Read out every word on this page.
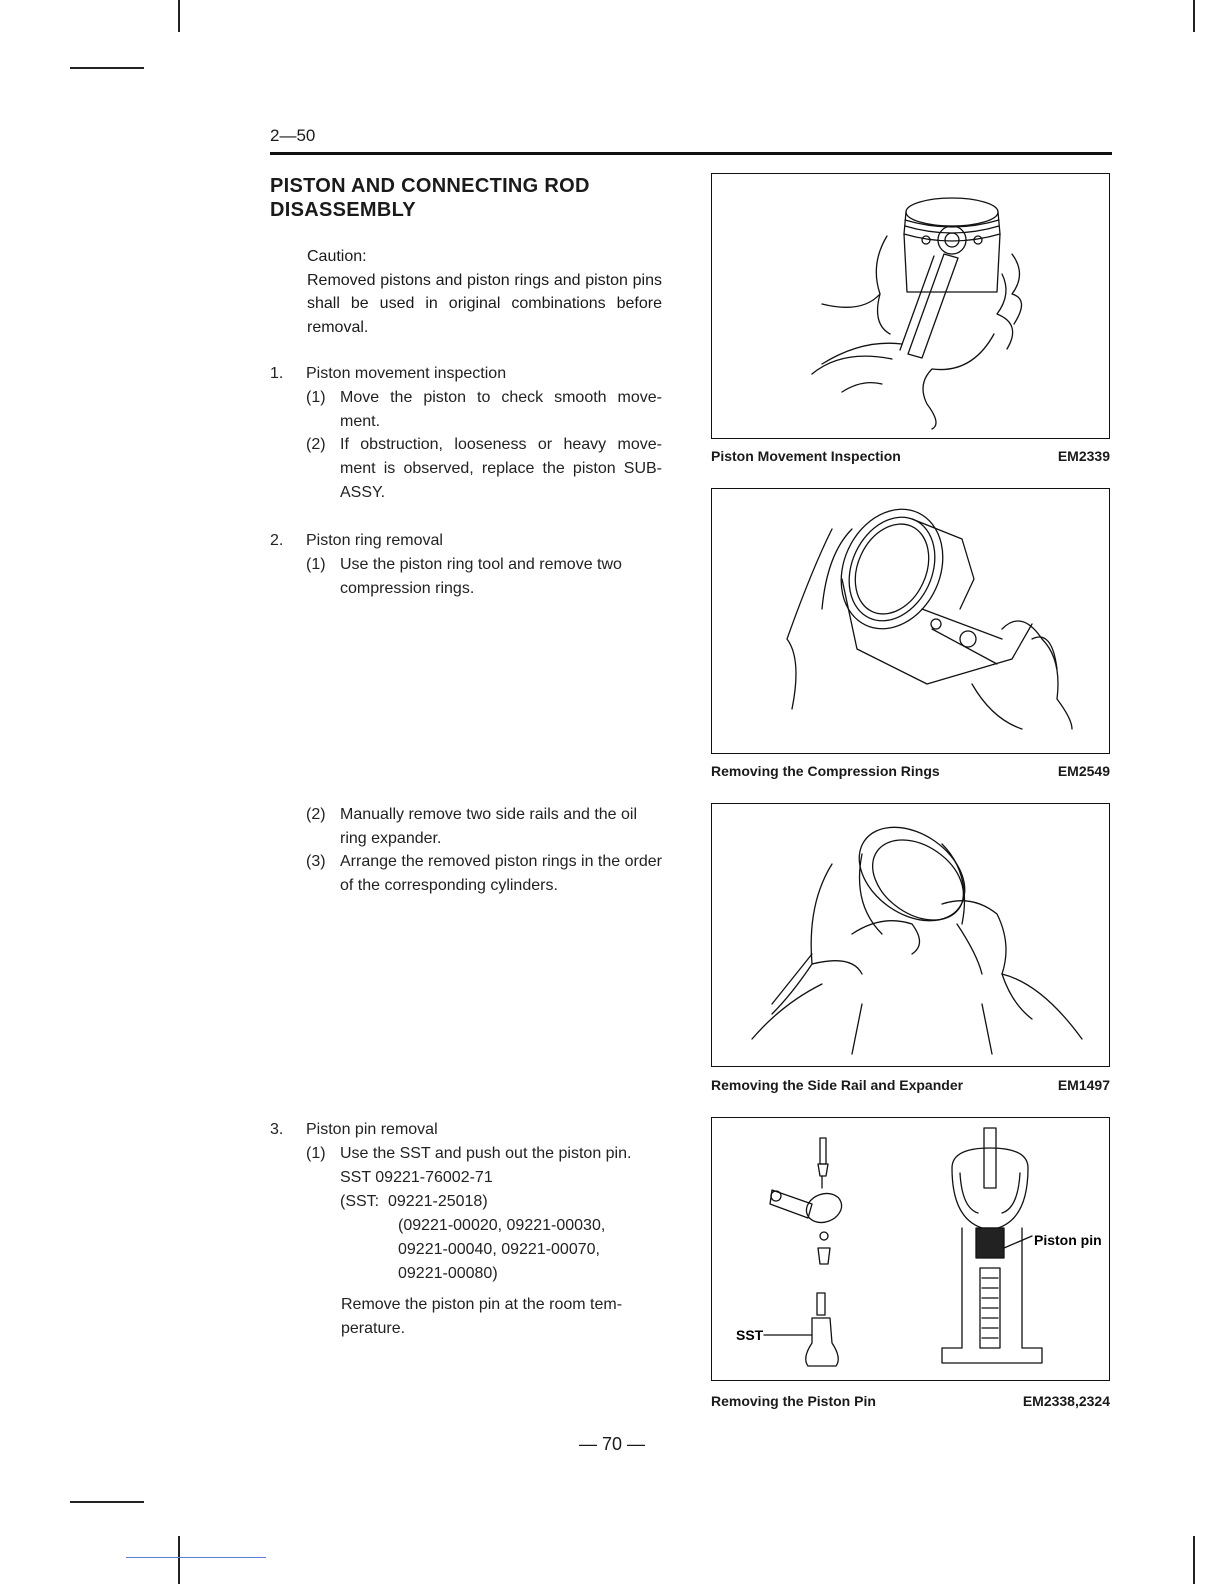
2—50
PISTON AND CONNECTING ROD
DISASSEMBLY
Caution:
Removed pistons and piston rings and piston pins shall be used in original combinations before removal.
1. Piston movement inspection
(1) Move the piston to check smooth move-ment.
(2) If obstruction, looseness or heavy move-ment is observed, replace the piston SUB-ASSY.
2. Piston ring removal
(1) Use the piston ring tool and remove two compression rings.
(2) Manually remove two side rails and the oil ring expander.
(3) Arrange the removed piston rings in the order of the corresponding cylinders.
3. Piston pin removal
(1) Use the SST and push out the piston pin.
SST 09221-76002-71
(SST:  09221-25018)
(09221-00020, 09221-00030,
09221-00040, 09221-00070,
09221-00080)
Remove the piston pin at the room tem-perature.
Piston Movement Inspection	EM2339
Removing the Compression Rings	EM2549
Removing the Side Rail and Expander	EM1497
Piston pin
SST
Removing the Piston Pin	EM2338,2324
— 70 —
